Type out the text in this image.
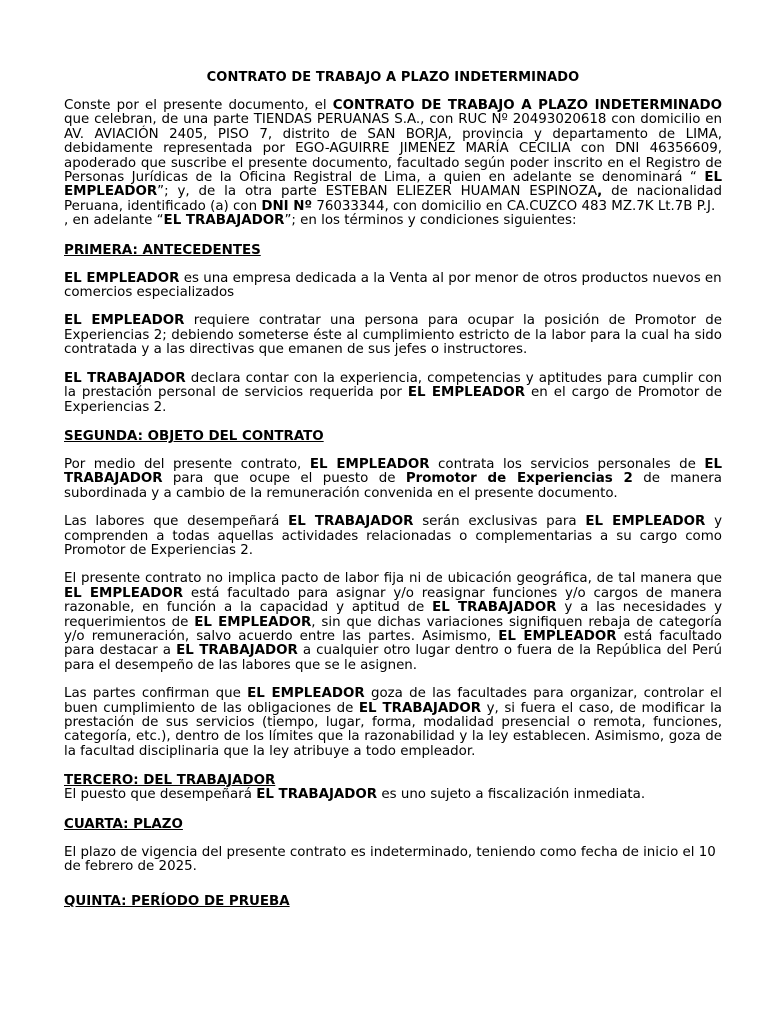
CONTRATO DE TRABAJO A PLAZO INDETERMINADO

Conste por el presente documento, el CONTRATO DE TRABAJO A PLAZO INDETERMINADO que celebran, de una parte TIENDAS PERUANAS S.A., con RUC Nº 20493020618 con domicilio en AV. AVIACIÓN 2405, PISO 7, distrito de SAN BORJA, provincia y departamento de LIMA, debidamente representada por EGO-AGUIRRE JIMENEZ MARÍA CECILIA con DNI 46356609, apoderado que suscribe el presente documento, facultado según poder inscrito en el Registro de Personas Jurídicas de la Oficina Registral de Lima, a quien en adelante se denominará “ EL EMPLEADOR”; y, de la otra parte ESTEBAN ELIEZER HUAMAN ESPINOZA, de nacionalidad Peruana, identificado (a) con DNI Nº 76033344, con domicilio en CA.CUZCO 483 MZ.7K Lt.7B P.J.

, en adelante “EL TRABAJADOR”; en los términos y condiciones siguientes:

PRIMERA: ANTECEDENTES

EL EMPLEADOR es una empresa dedicada a la Venta al por menor de otros productos nuevos en comercios especializados

EL EMPLEADOR requiere contratar una persona para ocupar la posición de Promotor de Experiencias 2; debiendo someterse éste al cumplimiento estricto de la labor para la cual ha sido contratada y a las directivas que emanen de sus jefes o instructores.

EL TRABAJADOR declara contar con la experiencia, competencias y aptitudes para cumplir con la prestación personal de servicios requerida por EL EMPLEADOR en el cargo de Promotor de Experiencias 2.

SEGUNDA: OBJETO DEL CONTRATO

Por medio del presente contrato, EL EMPLEADOR contrata los servicios personales de EL TRABAJADOR para que ocupe el puesto de Promotor de Experiencias 2 de manera subordinada y a cambio de la remuneración convenida en el presente documento.

Las labores que desempeñará EL TRABAJADOR serán exclusivas para EL EMPLEADOR y comprenden a todas aquellas actividades relacionadas o complementarias a su cargo como Promotor de Experiencias 2.

El presente contrato no implica pacto de labor fija ni de ubicación geográfica, de tal manera que EL EMPLEADOR está facultado para asignar y/o reasignar funciones y/o cargos de manera razonable, en función a la capacidad y aptitud de EL TRABAJADOR y a las necesidades y requerimientos de EL EMPLEADOR, sin que dichas variaciones signifiquen rebaja de categoría y/o remuneración, salvo acuerdo entre las partes. Asimismo, EL EMPLEADOR está facultado para destacar a EL TRABAJADOR a cualquier otro lugar dentro o fuera de la República del Perú para el desempeño de las labores que se le asignen.

Las partes confirman que EL EMPLEADOR goza de las facultades para organizar, controlar el buen cumplimiento de las obligaciones de EL TRABAJADOR y, si fuera el caso, de modificar la prestación de sus servicios (tiempo, lugar, forma, modalidad presencial o remota, funciones, categoría, etc.), dentro de los límites que la razonabilidad y la ley establecen. Asimismo, goza de la facultad disciplinaria que la ley atribuye a todo empleador.

TERCERO: DEL TRABAJADOR

El puesto que desempeñará EL TRABAJADOR es uno sujeto a fiscalización inmediata.

CUARTA: PLAZO

El plazo de vigencia del presente contrato es indeterminado, teniendo como fecha de inicio el 10 de febrero de 2025.

QUINTA: PERÍODO DE PRUEBA
